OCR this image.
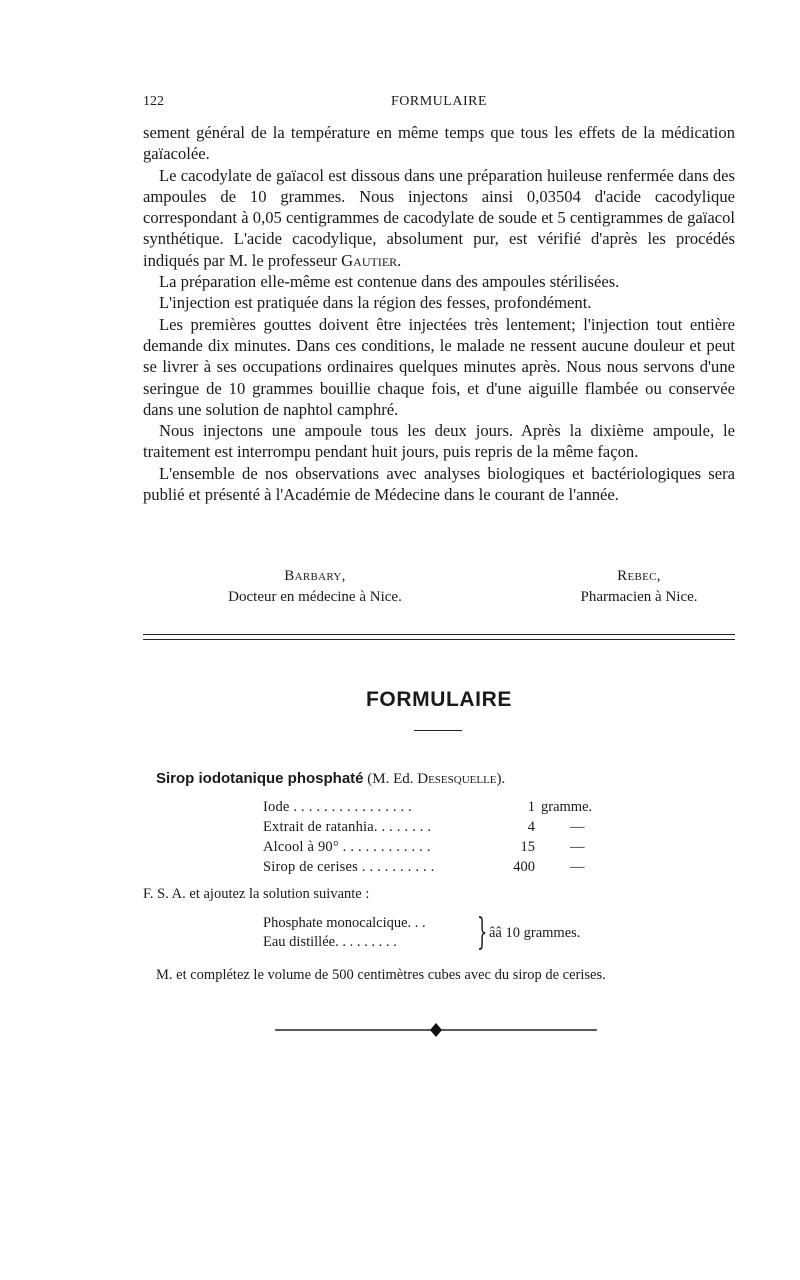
122	FORMULAIRE

sement général de la température en même temps que tous les effets de la médication gaïacolée.

Le cacodylate de gaïacol est dissous dans une préparation huileuse renfermée dans des ampoules de 10 grammes. Nous injectons ainsi 0,03504 d'acide cacodylique correspondant à 0,05 centigrammes de cacodylate de soude et 5 centigrammes de gaïacol synthétique. L'acide cacodylique, absolument pur, est vérifié d'après les procédés indiqués par M. le professeur Gautier.

La préparation elle-même est contenue dans des ampoules stérilisées.

L'injection est pratiquée dans la région des fesses, profondément.

Les premières gouttes doivent être injectées très lentement; l'injection tout entière demande dix minutes. Dans ces conditions, le malade ne ressent aucune douleur et peut se livrer à ses occupations ordinaires quelques minutes après. Nous nous servons d'une seringue de 10 grammes bouillie chaque fois, et d'une aiguille flambée ou conservée dans une solution de naphtol camphré.

Nous injectons une ampoule tous les deux jours. Après la dixième ampoule, le traitement est interrompu pendant huit jours, puis repris de la même façon.

L'ensemble de nos observations avec analyses biologiques et bactériologiques sera publié et présenté à l'Académie de Médecine dans le courant de l'année.

Barbary,
Docteur en médecine à Nice.
Rebec,
Pharmacien à Nice.
FORMULAIRE
Sirop iodotanique phosphaté (M. Ed. Desesquelle).
Iode . . . . . . . . . . . . . . . .	1 gramme.
Extrait de ratanhia. . . . . . . .	4 —
Alcool à 90° . . . . . . . . . . . .	15 —
Sirop de cerises . . . . . . . . . .	400 —
F. S. A. et ajoutez la solution suivante :
Phosphate monocalcique. . .
Eau distillée. . . . . . . . . } ââ 10 grammes.
M. et complétez le volume de 500 centimètres cubes avec du sirop de cerises.
